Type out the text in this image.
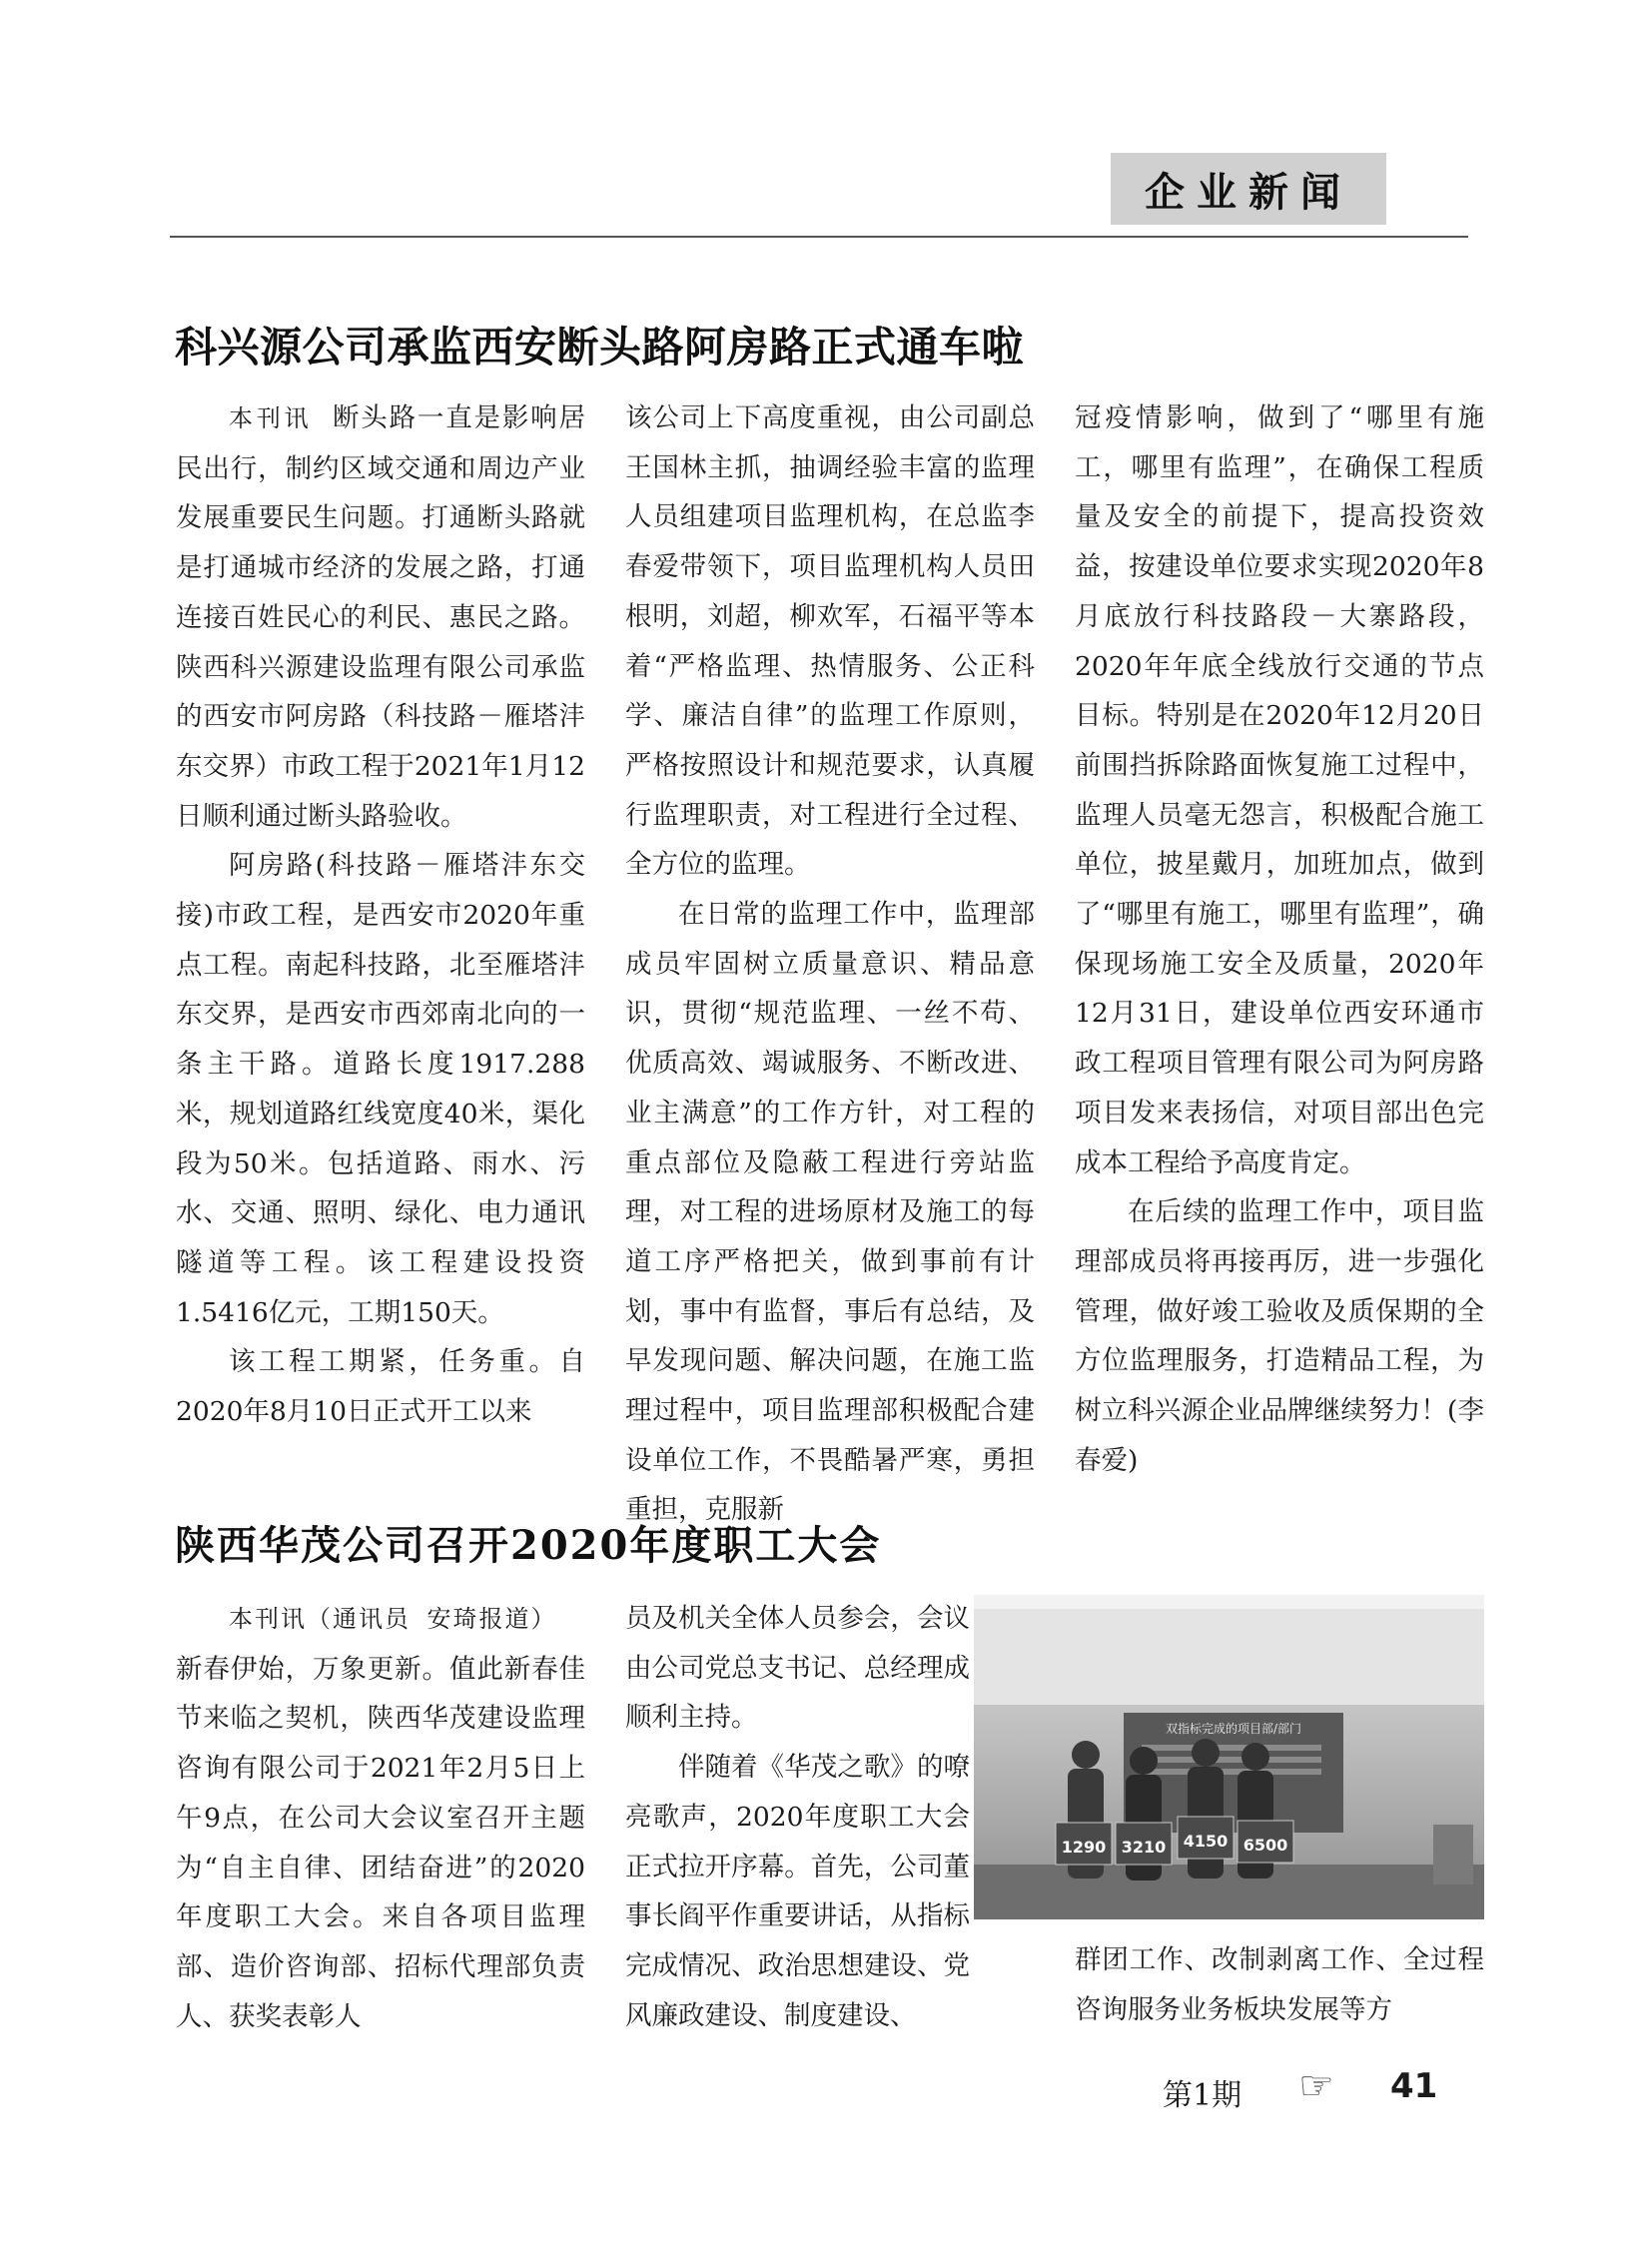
企业新闻
科兴源公司承监西安断头路阿房路正式通车啦

本刊讯 断头路一直是影响居民出行，制约区域交通和周边产业发展重要民生问题。打通断头路就是打通城市经济的发展之路，打通连接百姓民心的利民、惠民之路。陕西科兴源建设监理有限公司承监的西安市阿房路（科技路－雁塔沣东交界）市政工程于2021年1月12日顺利通过断头路验收。

阿房路(科技路－雁塔沣东交接)市政工程，是西安市2020年重点工程。南起科技路，北至雁塔沣东交界，是西安市西郊南北向的一条主干路。道路长度1917.288米，规划道路红线宽度40米，渠化段为50米。包括道路、雨水、污水、交通、照明、绿化、电力通讯隧道等工程。该工程建设投资1.5416亿元，工期150天。

该工程工期紧，任务重。自2020年8月10日正式开工以来

该公司上下高度重视，由公司副总王国林主抓，抽调经验丰富的监理人员组建项目监理机构，在总监李春爱带领下，项目监理机构人员田根明，刘超，柳欢军，石福平等本着“严格监理、热情服务、公正科学、廉洁自律”的监理工作原则，严格按照设计和规范要求，认真履行监理职责，对工程进行全过程、全方位的监理。

在日常的监理工作中，监理部成员牢固树立质量意识、精品意识，贯彻“规范监理、一丝不苟、优质高效、竭诚服务、不断改进、业主满意”的工作方针，对工程的重点部位及隐蔽工程进行旁站监理，对工程的进场原材及施工的每道工序严格把关，做到事前有计划，事中有监督，事后有总结，及早发现问题、解决问题，在施工监理过程中，项目监理部积极配合建设单位工作，不畏酷暑严寒，勇担重担，克服新

冠疫情影响，做到了“哪里有施工，哪里有监理”，在确保工程质量及安全的前提下，提高投资效益，按建设单位要求实现2020年8月底放行科技路段－大寨路段，2020年年底全线放行交通的节点目标。特别是在2020年12月20日前围挡拆除路面恢复施工过程中，监理人员毫无怨言，积极配合施工单位，披星戴月，加班加点，做到了“哪里有施工，哪里有监理”，确保现场施工安全及质量，2020年12月31日，建设单位西安环通市政工程项目管理有限公司为阿房路项目发来表扬信，对项目部出色完成本工程给予高度肯定。

在后续的监理工作中，项目监理部成员将再接再厉，进一步强化管理，做好竣工验收及质保期的全方位监理服务，打造精品工程，为树立科兴源企业品牌继续努力！(李春爱)

陕西华茂公司召开2020年度职工大会

本刊讯（通讯员 安琦报道）

新春伊始，万象更新。值此新春佳节来临之契机，陕西华茂建设监理咨询有限公司于2021年2月5日上午9点，在公司大会议室召开主题为“自主自律、团结奋进”的2020年度职工大会。来自各项目监理部、造价咨询部、招标代理部负责人、获奖表彰人

员及机关全体人员参会，会议由公司党总支书记、总经理成顺利主持。

伴随着《华茂之歌》的嘹亮歌声，2020年度职工大会正式拉开序幕。首先，公司董事长阎平作重要讲话，从指标完成情况、政治思想建设、党风廉政建设、制度建设、

双指标完成的项目部/部门
1290 3210 4150 6500

群团工作、改制剥离工作、全过程咨询服务业务板块发展等方

第1期 ☞ 41
